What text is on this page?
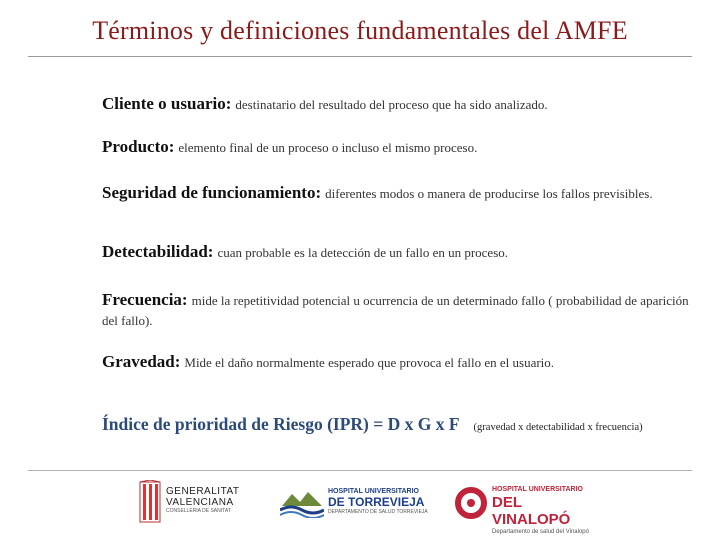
Términos y definiciones fundamentales del AMFE
Cliente o usuario: destinatario del resultado del proceso que ha sido analizado.
Producto: elemento final de un proceso o incluso el mismo proceso.
Seguridad de funcionamiento: diferentes modos o manera de producirse los fallos previsibles.
Detectabilidad: cuan probable es la detección de un fallo en un proceso.
Frecuencia: mide la repetitividad potencial u ocurrencia de un determinado fallo ( probabilidad de aparición del fallo).
Gravedad: Mide el daño normalmente esperado que provoca el fallo en el usuario.
Índice de prioridad de Riesgo (IPR) = D x G x F (gravedad x detectabilidad x frecuencia)
GENERALITAT
VALENCIANA
CONSELLERIA DE SANITAT
HOSPITAL UNIVERSITARIO
DE TORREVIEJA
DEPARTAMENTO DE SALUD TORREVIEJA
HOSPITAL UNIVERSITARIO
DEL VINALOPÓ
Departamento de salud del Vinalopó
